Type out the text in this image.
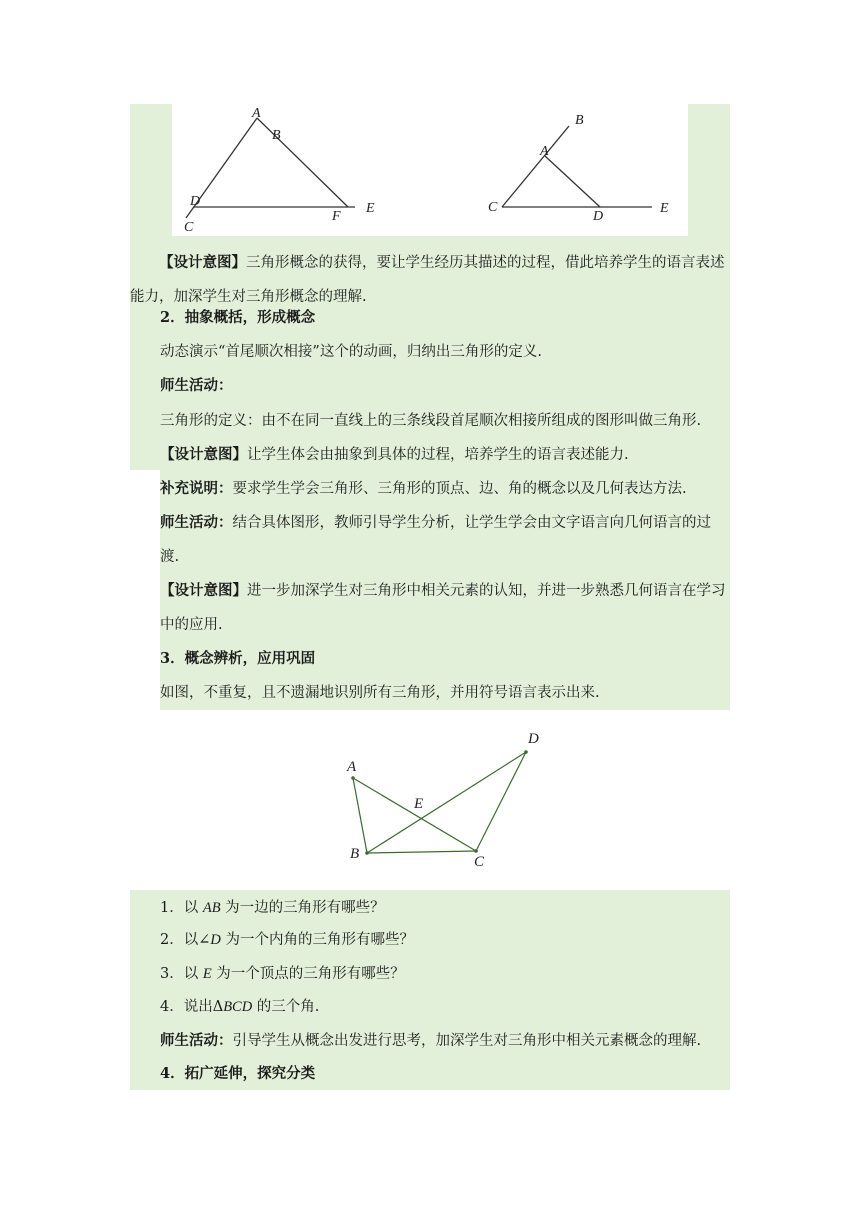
A
B
C
D	E
F
A
B
C
D
E
【设计意图】三角形概念的获得，要让学生经历其描述的过程，借此培养学生的语言表述能力，加深学生对三角形概念的理解.
2．抽象概括，形成概念
动态演示“首尾顺次相接”这个的动画，归纳出三角形的定义.
师生活动：
三角形的定义：由不在同一直线上的三条线段首尾顺次相接所组成的图形叫做三角形.
【设计意图】让学生体会由抽象到具体的过程，培养学生的语言表述能力.
补充说明：要求学生学会三角形、三角形的顶点、边、角的概念以及几何表达方法.
师生活动：结合具体图形，教师引导学生分析，让学生学会由文字语言向几何语言的过渡.
【设计意图】进一步加深学生对三角形中相关元素的认知，并进一步熟悉几何语言在学习中的应用.
3．概念辨析，应用巩固
如图，不重复，且不遗漏地识别所有三角形，并用符号语言表示出来.
A
B	C
D
E
1．以 AB 为一边的三角形有哪些？
2．以∠D 为一个内角的三角形有哪些？
3．以 E 为一个顶点的三角形有哪些？
4．说出ΔBCD 的三个角.
师生活动：引导学生从概念出发进行思考，加深学生对三角形中相关元素概念的理解.
4．拓广延伸，探究分类
